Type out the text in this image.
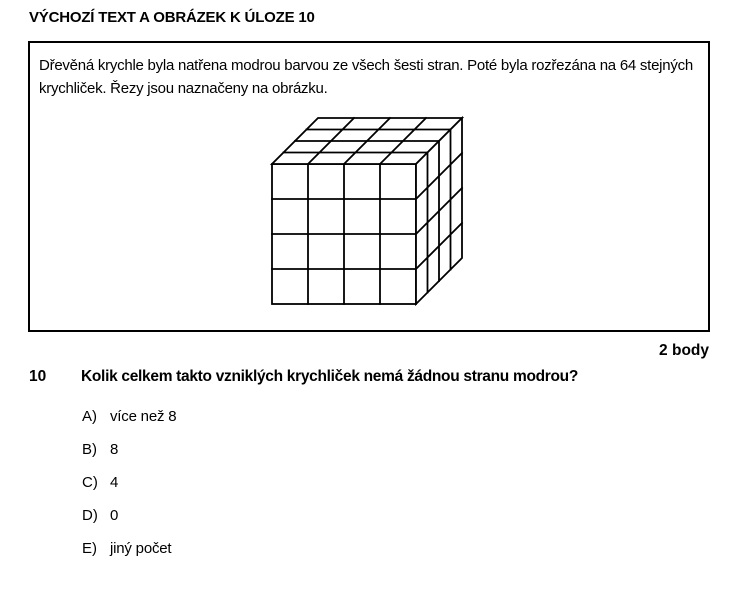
VÝCHOZÍ TEXT A OBRÁZEK K ÚLOZE 10

Dřevěná krychle byla natřena modrou barvou ze všech šesti stran. Poté byla rozřezána na 64 stejných krychliček. Řezy jsou naznačeny na obrázku.

2 body
10 Kolik celkem takto vzniklých krychliček nemá žádnou stranu modrou?
A) více než 8
B) 8
C) 4
D) 0
E) jiný počet
